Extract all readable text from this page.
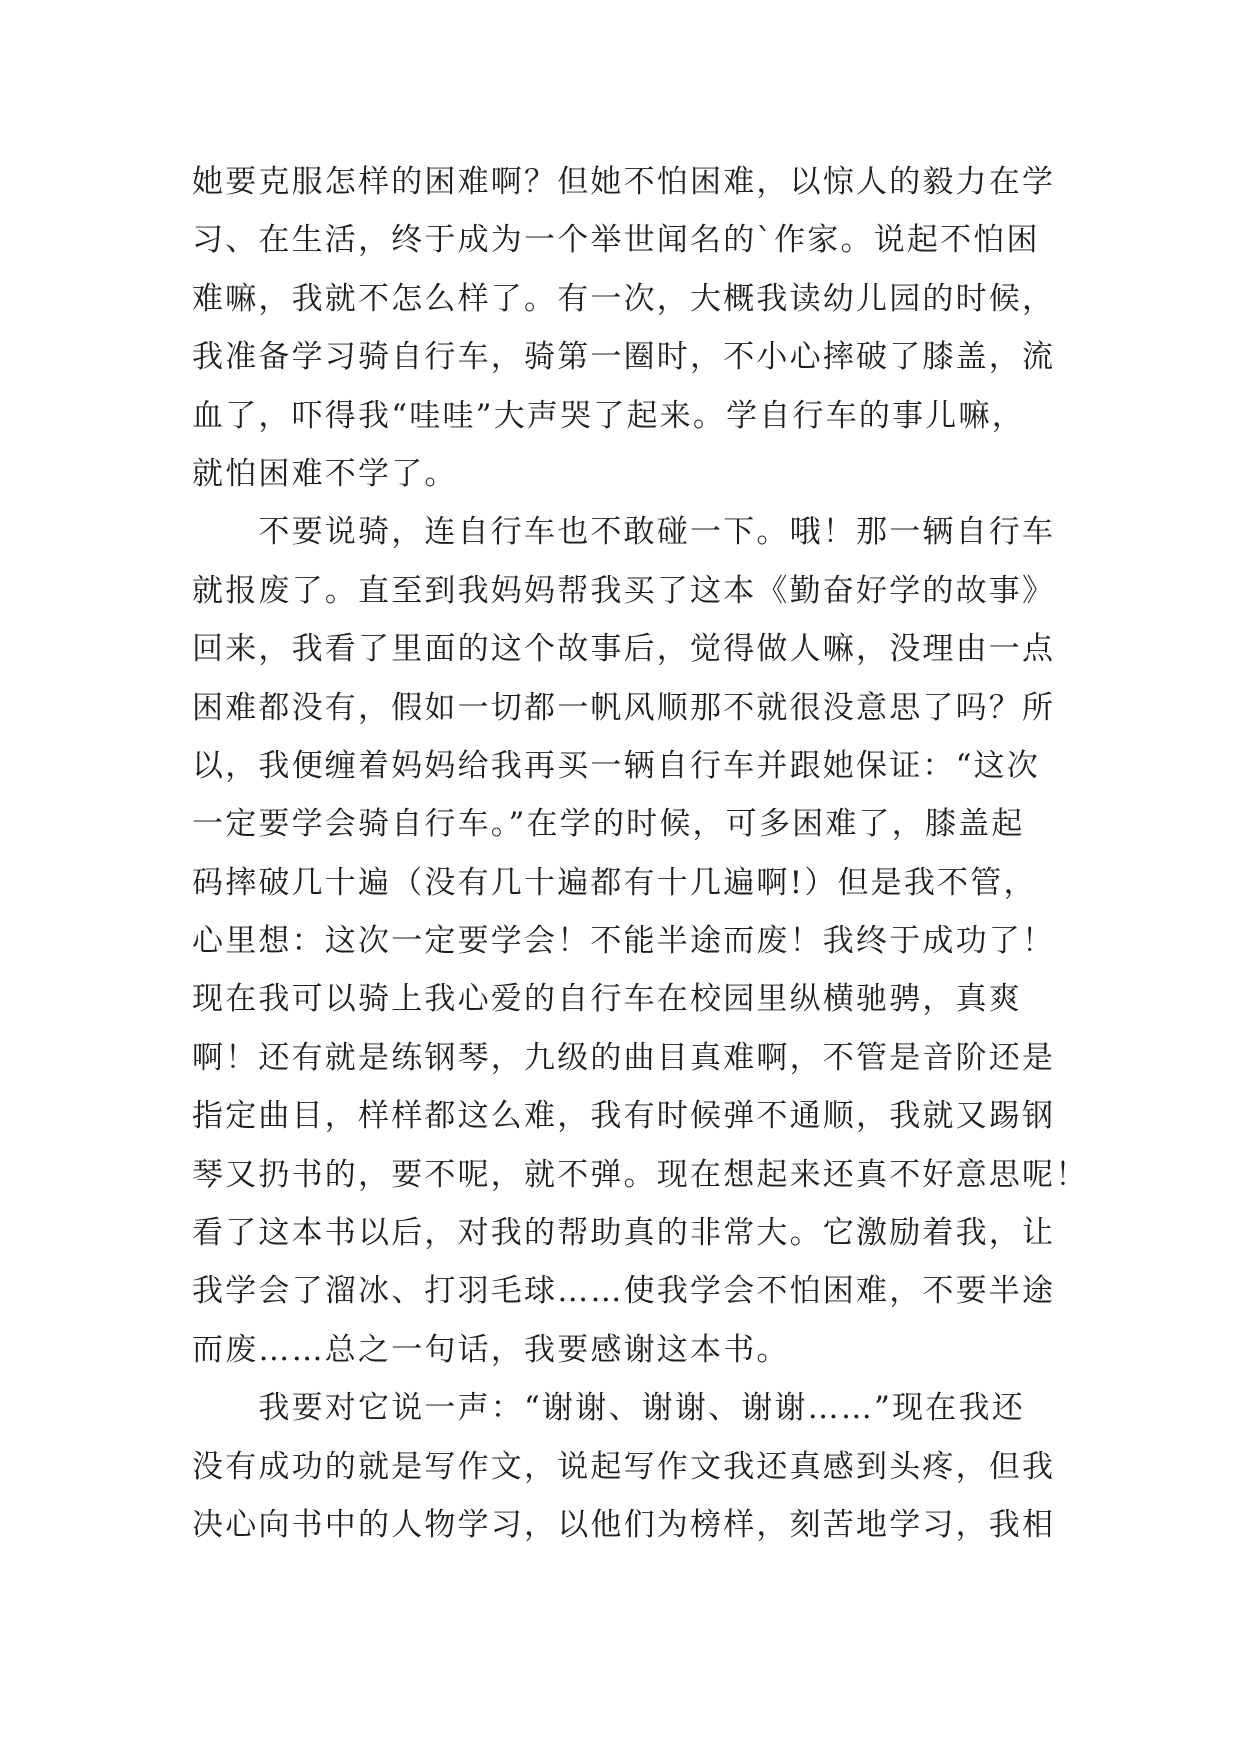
她要克服怎样的困难啊？但她不怕困难，以惊人的毅力在学
习、在生活，终于成为一个举世闻名的`作家。说起不怕困
难嘛，我就不怎么样了。有一次，大概我读幼儿园的时候，
我准备学习骑自行车，骑第一圈时，不小心摔破了膝盖，流
血了，吓得我“哇哇”大声哭了起来。学自行车的事儿嘛，
就怕困难不学了。
　　不要说骑，连自行车也不敢碰一下。哦！那一辆自行车
就报废了。直至到我妈妈帮我买了这本《勤奋好学的故事》
回来，我看了里面的这个故事后，觉得做人嘛，没理由一点
困难都没有，假如一切都一帆风顺那不就很没意思了吗？所
以，我便缠着妈妈给我再买一辆自行车并跟她保证：“这次
一定要学会骑自行车。”在学的时候，可多困难了，膝盖起
码摔破几十遍（没有几十遍都有十几遍啊!）但是我不管，
心里想：这次一定要学会！不能半途而废！我终于成功了！
现在我可以骑上我心爱的自行车在校园里纵横驰骋，真爽
啊！还有就是练钢琴，九级的曲目真难啊，不管是音阶还是
指定曲目，样样都这么难，我有时候弹不通顺，我就又踢钢
琴又扔书的，要不呢，就不弹。现在想起来还真不好意思呢！
看了这本书以后，对我的帮助真的非常大。它激励着我，让
我学会了溜冰、打羽毛球……使我学会不怕困难，不要半途
而废……总之一句话，我要感谢这本书。
　　我要对它说一声：“谢谢、谢谢、谢谢……”现在我还
没有成功的就是写作文，说起写作文我还真感到头疼，但我
决心向书中的人物学习，以他们为榜样，刻苦地学习，我相
